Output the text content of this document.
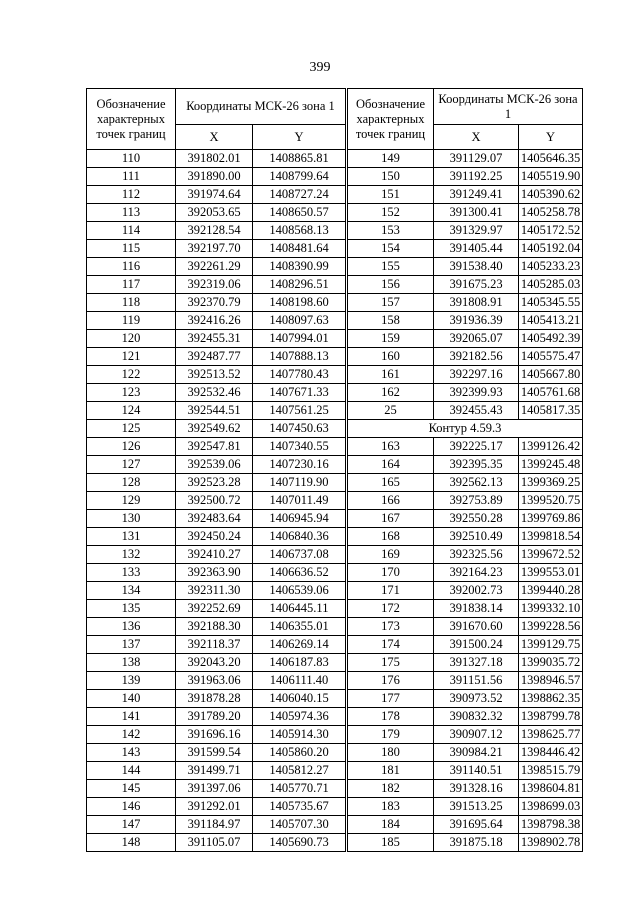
399
Обозначение характерных точек границ	Координаты МСК-26 зона 1	
	X	Y
110	391802.01	1408865.81
111	391890.00	1408799.64
112	391974.64	1408727.24
113	392053.65	1408650.57
114	392128.54	1408568.13
115	392197.70	1408481.64
116	392261.29	1408390.99
117	392319.06	1408296.51
118	392370.79	1408198.60
119	392416.26	1408097.63
120	392455.31	1407994.01
121	392487.77	1407888.13
122	392513.52	1407780.43
123	392532.46	1407671.33
124	392544.51	1407561.25
125	392549.62	1407450.63
126	392547.81	1407340.55
127	392539.06	1407230.16
128	392523.28	1407119.90
129	392500.72	1407011.49
130	392483.64	1406945.94
131	392450.24	1406840.36
132	392410.27	1406737.08
133	392363.90	1406636.52
134	392311.30	1406539.06
135	392252.69	1406445.11
136	392188.30	1406355.01
137	392118.37	1406269.14
138	392043.20	1406187.83
139	391963.06	1406111.40
140	391878.28	1406040.15
141	391789.20	1405974.36
142	391696.16	1405914.30
143	391599.54	1405860.20
144	391499.71	1405812.27
145	391397.06	1405770.71
146	391292.01	1405735.67
147	391184.97	1405707.30
148	391105.07	1405690.73
Обозначение характерных точек границ	Координаты МСК-26 зона 1	
	X	Y
149	391129.07	1405646.35
150	391192.25	1405519.90
151	391249.41	1405390.62
152	391300.41	1405258.78
153	391329.97	1405172.52
154	391405.44	1405192.04
155	391538.40	1405233.23
156	391675.23	1405285.03
157	391808.91	1405345.55
158	391936.39	1405413.21
159	392065.07	1405492.39
160	392182.56	1405575.47
161	392297.16	1405667.80
162	392399.93	1405761.68
25	392455.43	1405817.35
Контур 4.59.3		
163	392225.17	1399126.42
164	392395.35	1399245.48
165	392562.13	1399369.25
166	392753.89	1399520.75
167	392550.28	1399769.86
168	392510.49	1399818.54
169	392325.56	1399672.52
170	392164.23	1399553.01
171	392002.73	1399440.28
172	391838.14	1399332.10
173	391670.60	1399228.56
174	391500.24	1399129.75
175	391327.18	1399035.72
176	391151.56	1398946.57
177	390973.52	1398862.35
178	390832.32	1398799.78
179	390907.12	1398625.77
180	390984.21	1398446.42
181	391140.51	1398515.79
182	391328.16	1398604.81
183	391513.25	1398699.03
184	391695.64	1398798.38
185	391875.18	1398902.78
